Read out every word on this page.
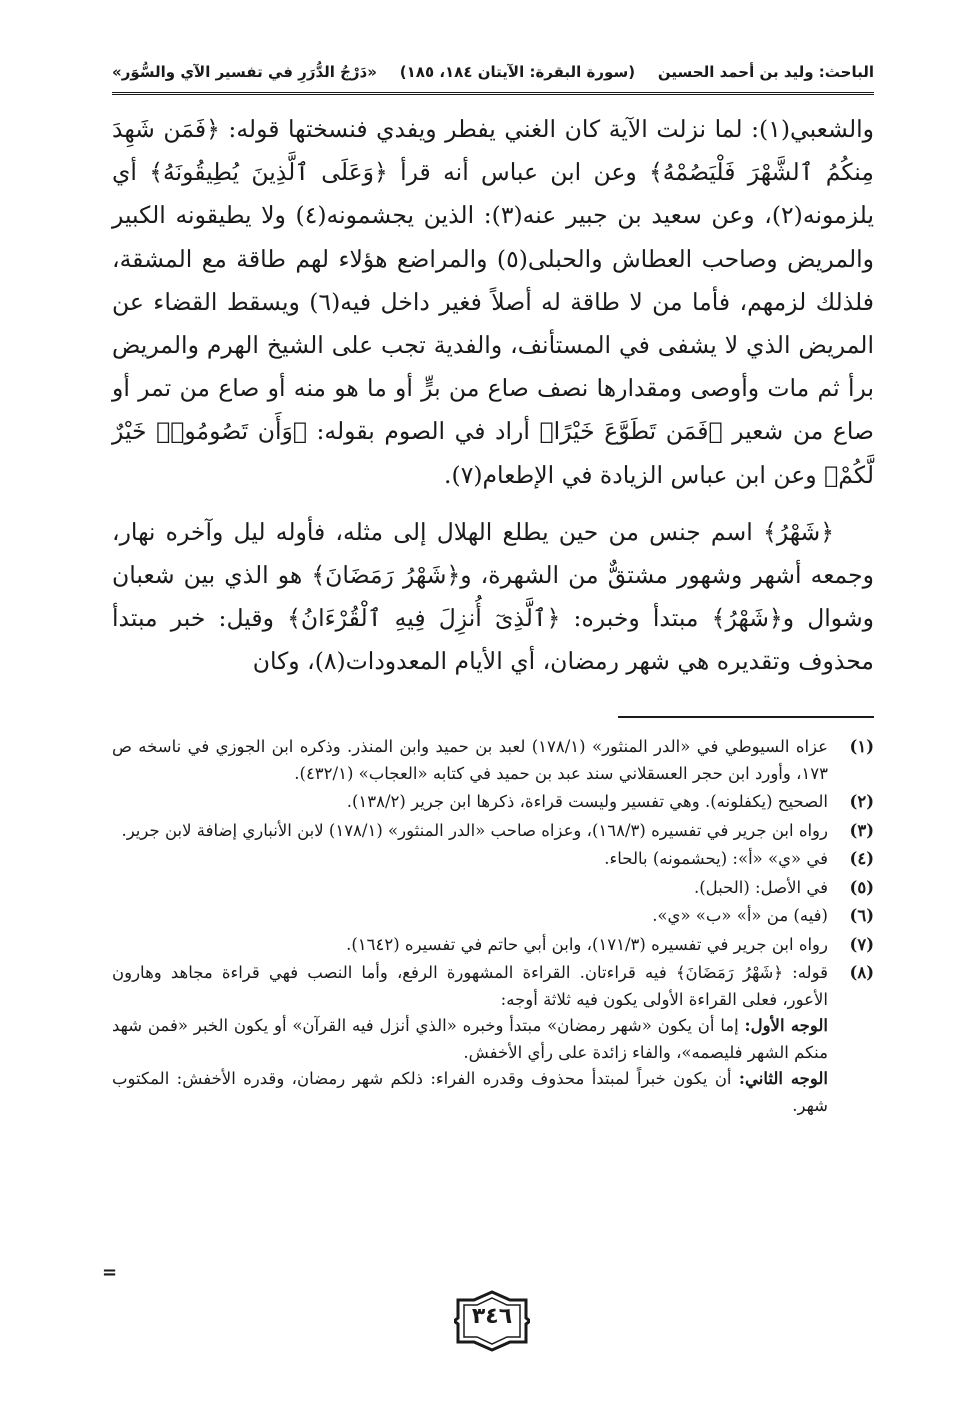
الباحث: وليد بن أحمد الحسين
(سورة البقرة: الآيتان ١٨٤، ١٨٥)
«دَرْجُ الدُّرَرِ في تفسير الآي والسُّوَر»

والشعبي(١): لما نزلت الآية كان الغني يفطر ويفدي فنسختها قوله: ﴿فَمَن شَهِدَ مِنكُمُ ٱلشَّهْرَ فَلْيَصُمْهُ﴾ وعن ابن عباس أنه قرأ ﴿وَعَلَى ٱلَّذِينَ يُطِيقُونَهُ﴾ أي يلزمونه(٢)، وعن سعيد بن جبير عنه(٣): الذين يجشمونه(٤) ولا يطيقونه الكبير والمريض وصاحب العطاش والحبلى(٥) والمراضع هؤلاء لهم طاقة مع المشقة، فلذلك لزمهم، فأما من لا طاقة له أصلاً فغير داخل فيه(٦) ويسقط القضاء عن المريض الذي لا يشفى في المستأنف، والفدية تجب على الشيخ الهرم والمريض برأ ثم مات وأوصى ومقدارها نصف صاع من برٍّ أو ما هو منه أو صاع من تمر أو صاع من شعير ﴿فَمَن تَطَوَّعَ خَيْرًا﴾ أراد في الصوم بقوله: ﴿وَأَن تَصُومُوا۟ خَيْرٌ لَّكُمْ﴾ وعن ابن عباس الزيادة في الإطعام(٧).

﴿شَهْرُ﴾ اسم جنس من حين يطلع الهلال إلى مثله، فأوله ليل وآخره نهار، وجمعه أشهر وشهور مشتقٌّ من الشهرة، و﴿شَهْرُ رَمَضَانَ﴾ هو الذي بين شعبان وشوال و﴿شَهْرُ﴾ مبتدأ وخبره: ﴿ٱلَّذِىٓ أُنزِلَ فِيهِ ٱلْقُرْءَانُ﴾ وقيل: خبر مبتدأ محذوف وتقديره هي شهر رمضان، أي الأيام المعدودات(٨)، وكان

(١)
عزاه السيوطي في «الدر المنثور» (١٧٨/١) لعبد بن حميد وابن المنذر. وذكره ابن الجوزي في ناسخه ص ١٧٣، وأورد ابن حجر العسقلاني سند عبد بن حميد في كتابه «العجاب» (٤٣٢/١).
(٢)
الصحيح (يكفلونه). وهي تفسير وليست قراءة، ذكرها ابن جرير (١٣٨/٢).
(٣)
رواه ابن جرير في تفسيره (١٦٨/٣)، وعزاه صاحب «الدر المنثور» (١٧٨/١) لابن الأنباري إضافة لابن جرير.
(٤)
في «ي» «أ»: (يحشمونه) بالحاء.
(٥)
في الأصل: (الحبل).
(٦)
(فيه) من «أ» «ب» «ي».
(٧)
رواه ابن جرير في تفسيره (١٧١/٣)، وابن أبي حاتم في تفسيره (١٦٤٢).
(٨)

قوله: ﴿شَهْرُ رَمَضَانَ﴾ فيه قراءتان. القراءة المشهورة الرفع، وأما النصب فهي قراءة مجاهد وهارون الأعور، فعلى القراءة الأولى يكون فيه ثلاثة أوجه:

الوجه الأول: إما أن يكون «شهر رمضان» مبتدأ وخبره «الذي أنزل فيه القرآن» أو يكون الخبر «فمن شهد منكم الشهر فليصمه»، والفاء زائدة على رأي الأخفش.

الوجه الثاني: أن يكون خبراً لمبتدأ محذوف وقدره الفراء: ذلكم شهر رمضان، وقدره الأخفش: المكتوب شهر.

=
٣٤٦
